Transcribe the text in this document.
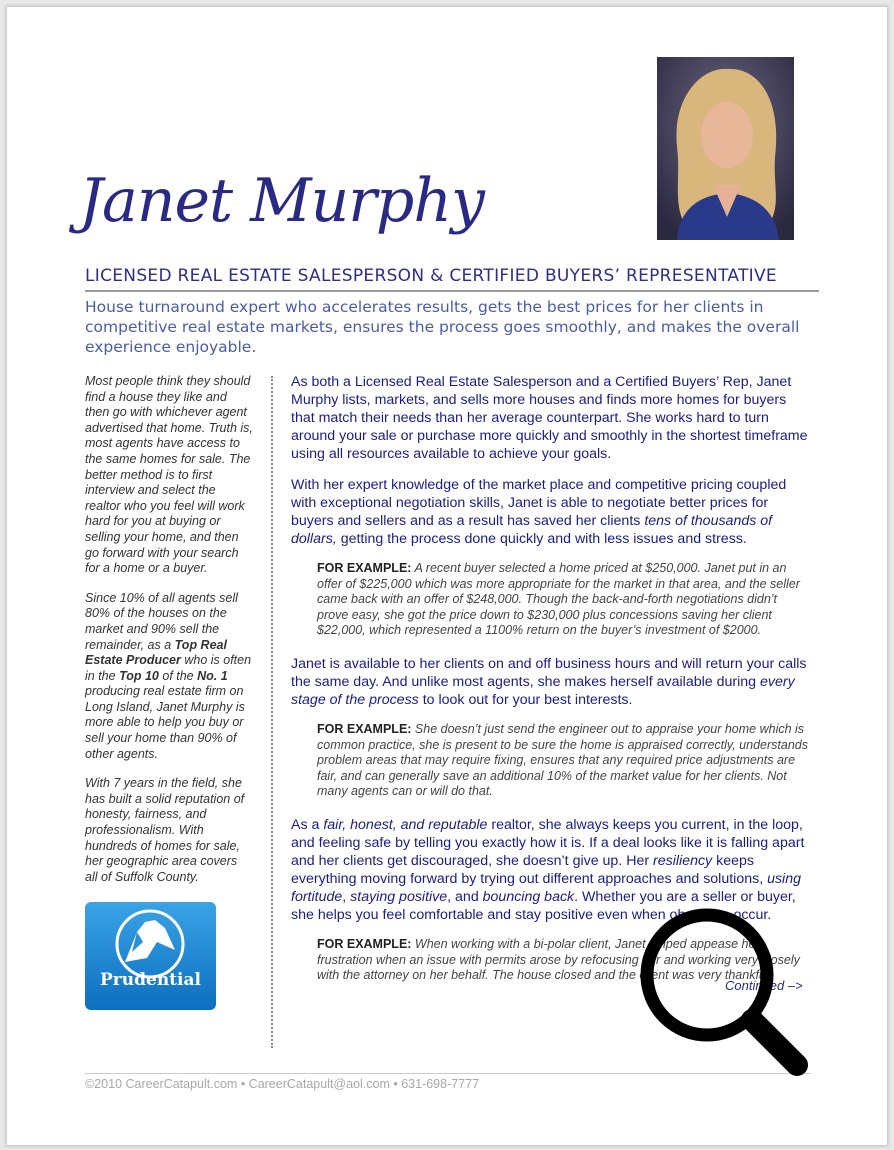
Janet Murphy
LICENSED REAL ESTATE SALESPERSON & CERTIFIED BUYERS’ REPRESENTATIVE
House turnaround expert who accelerates results, gets the best prices for her clients in competitive real estate markets, ensures the process goes smoothly, and makes the overall experience enjoyable.

Most people think they should find a house they like and then go with whichever agent advertised that home. Truth is, most agents have access to the same homes for sale. The better method is to first interview and select the realtor who you feel will work hard for you at buying or selling your home, and then go forward with your search for a home or a buyer.

Since 10% of all agents sell 80% of the houses on the market and 90% sell the remainder, as a Top Real Estate Producer who is often in the Top 10 of the No. 1 producing real estate firm on Long Island, Janet Murphy is more able to help you buy or sell your home than 90% of other agents.

With 7 years in the field, she has built a solid reputation of honesty, fairness, and professionalism. With hundreds of homes for sale, her geographic area covers all of Suffolk County.

Prudential

As both a Licensed Real Estate Salesperson and a Certified Buyers’ Rep, Janet Murphy lists, markets, and sells more houses and finds more homes for buyers that match their needs than her average counterpart. She works hard to turn around your sale or purchase more quickly and smoothly in the shortest timeframe using all resources available to achieve your goals.

With her expert knowledge of the market place and competitive pricing coupled with exceptional negotiation skills, Janet is able to negotiate better prices for buyers and sellers and as a result has saved her clients tens of thousands of dollars, getting the process done quickly and with less issues and stress.

FOR EXAMPLE: A recent buyer selected a home priced at $250,000. Janet put in an offer of $225,000 which was more appropriate for the market in that area, and the seller came back with an offer of $248,000. Though the back-and-forth negotiations didn’t prove easy, she got the price down to $230,000 plus concessions saving her client $22,000, which represented a 1100% return on the buyer’s investment of $2000.

Janet is available to her clients on and off business hours and will return your calls the same day. And unlike most agents, she makes herself available during every stage of the process to look out for your best interests.

FOR EXAMPLE: She doesn’t just send the engineer out to appraise your home which is common practice, she is present to be sure the home is appraised correctly, understands problem areas that may require fixing, ensures that any required price adjustments are fair, and can generally save an additional 10% of the market value for her clients. Not many agents can or will do that.

As a fair, honest, and reputable realtor, she always keeps you current, in the loop, and feeling safe by telling you exactly how it is. If a deal looks like it is falling apart and her clients get discouraged, she doesn’t give up. Her resiliency keeps everything moving forward by trying out different approaches and solutions, using fortitude, staying positive, and bouncing back. Whether you are a seller or buyer, she helps you feel comfortable and stay positive even when obstacles occur.

FOR EXAMPLE: When working with a bi-polar client, Janet helped appease her frustration when an issue with permits arose by refocusing her and working very closely with the attorney on her behalf. The house closed and the client was very thankful.

Continued –>
©2010 CareerCatapult.com • CareerCatapult@aol.com • 631-698-7777
